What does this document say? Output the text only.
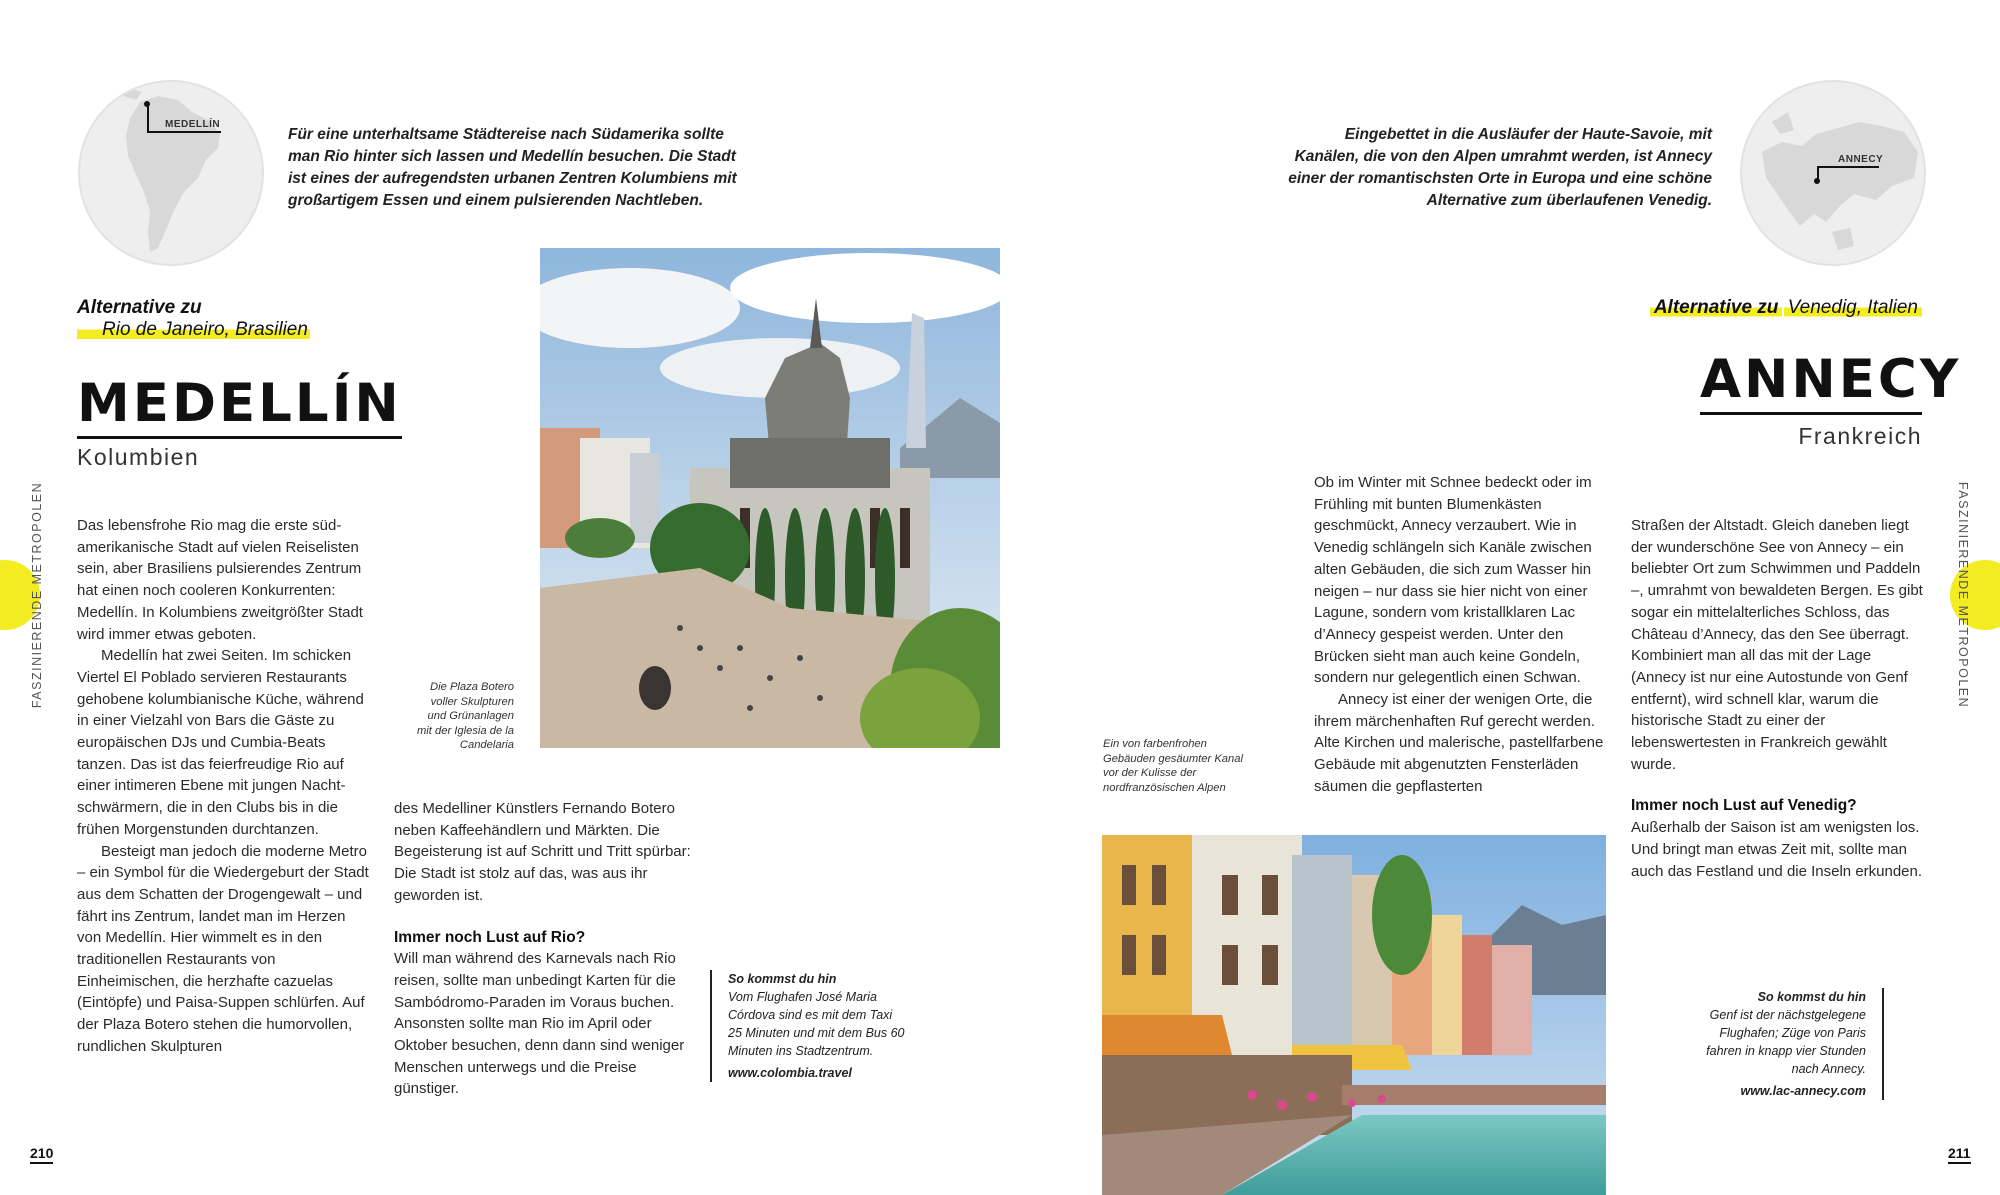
MEDELLÍN
Für eine unterhaltsame Städtereise nach Südamerika sollte man Rio hinter sich lassen und Medellín besuchen. Die Stadt ist eines der aufregendsten urbanen Zentren Kolumbiens mit großartigem Essen und einem pulsierenden Nachtleben.
Alternative zu
Rio de Janeiro, Brasilien
MEDELLÍN
Kolumbien

Das lebensfrohe Rio mag die erste südamerikanische Stadt auf vielen Reiselisten sein, aber Brasiliens pulsierendes Zentrum hat einen noch cooleren Konkurrenten: Medellín. In Kolumbiens zweitgrößter Stadt wird immer etwas geboten.

Medellín hat zwei Seiten. Im schicken Viertel El Poblado servieren Restaurants gehobene kolumbianische Küche, während in einer Vielzahl von Bars die Gäste zu europäischen DJs und Cumbia-Beats tanzen. Das ist das feierfreudige Rio auf einer intimeren Ebene mit jungen Nachtschwärmern, die in den Clubs bis in die frühen Morgenstunden durchtanzen.

Besteigt man jedoch die moderne Metro – ein Symbol für die Wiedergeburt der Stadt aus dem Schatten der Drogengewalt – und fährt ins Zentrum, landet man im Herzen von Medellín. Hier wimmelt es in den traditionellen Restaurants von Einheimischen, die herzhafte cazuelas (Eintöpfe) und Paisa-Suppen schlürfen. Auf der Plaza Botero stehen die humorvollen, rundlichen Skulpturen

des Medelliner Künstlers Fernando Botero neben Kaffeehändlern und Märkten. Die Begeisterung ist auf Schritt und Tritt spürbar: Die Stadt ist stolz auf das, was aus ihr geworden ist.

Immer noch Lust auf Rio?

Will man während des Karnevals nach Rio reisen, sollte man unbedingt Karten für die Sambódromo-Paraden im Voraus buchen. Ansonsten sollte man Rio im April oder Oktober besuchen, denn dann sind weniger Menschen unterwegs und die Preise günstiger.

Die Plaza Botero voller Skulpturen und Grünanlagen mit der Iglesia de la Candelaria
So kommst du hin
Vom Flughafen José Maria Córdova sind es mit dem Taxi 25 Minuten und mit dem Bus 60 Minuten ins Stadtzentrum.
www.colombia.travel
FASZINIERENDE METROPOLEN
210
Eingebettet in die Ausläufer der Haute-Savoie, mit Kanälen, die von den Alpen umrahmt werden, ist Annecy einer der romantischsten Orte in Europa und eine schöne Alternative zum überlaufenen Venedig.
ANNECY
Alternative zu Venedig, Italien
ANNECY
Frankreich

Ob im Winter mit Schnee bedeckt oder im Frühling mit bunten Blumenkästen geschmückt, Annecy verzaubert. Wie in Venedig schlängeln sich Kanäle zwischen alten Gebäuden, die sich zum Wasser hin neigen – nur dass sie hier nicht von einer Lagune, sondern vom kristallklaren Lac d’Annecy gespeist werden. Unter den Brücken sieht man auch keine Gondeln, sondern nur gelegentlich einen Schwan.

Annecy ist einer der wenigen Orte, die ihrem märchenhaften Ruf gerecht werden. Alte Kirchen und malerische, pastellfarbene Gebäude mit abgenutzten Fensterläden säumen die gepflasterten

Straßen der Altstadt. Gleich daneben liegt der wunderschöne See von Annecy – ein beliebter Ort zum Schwimmen und Paddeln –, umrahmt von bewaldeten Bergen. Es gibt sogar ein mittelalterliches Schloss, das Château d’Annecy, das den See überragt. Kombiniert man all das mit der Lage (Annecy ist nur eine Autostunde von Genf entfernt), wird schnell klar, warum die historische Stadt zu einer der lebenswertesten in Frankreich gewählt wurde.

Immer noch Lust auf Venedig?

Außerhalb der Saison ist am wenigsten los. Und bringt man etwas Zeit mit, sollte man auch das Festland und die Inseln erkunden.

Ein von farbenfrohen Gebäuden gesäumter Kanal vor der Kulisse der nordfranzösischen Alpen
So kommst du hin
Genf ist der nächstgelegene Flughafen; Züge von Paris fahren in knapp vier Stunden nach Annecy.
www.lac-annecy.com
FASZINIERENDE METROPOLEN
211
